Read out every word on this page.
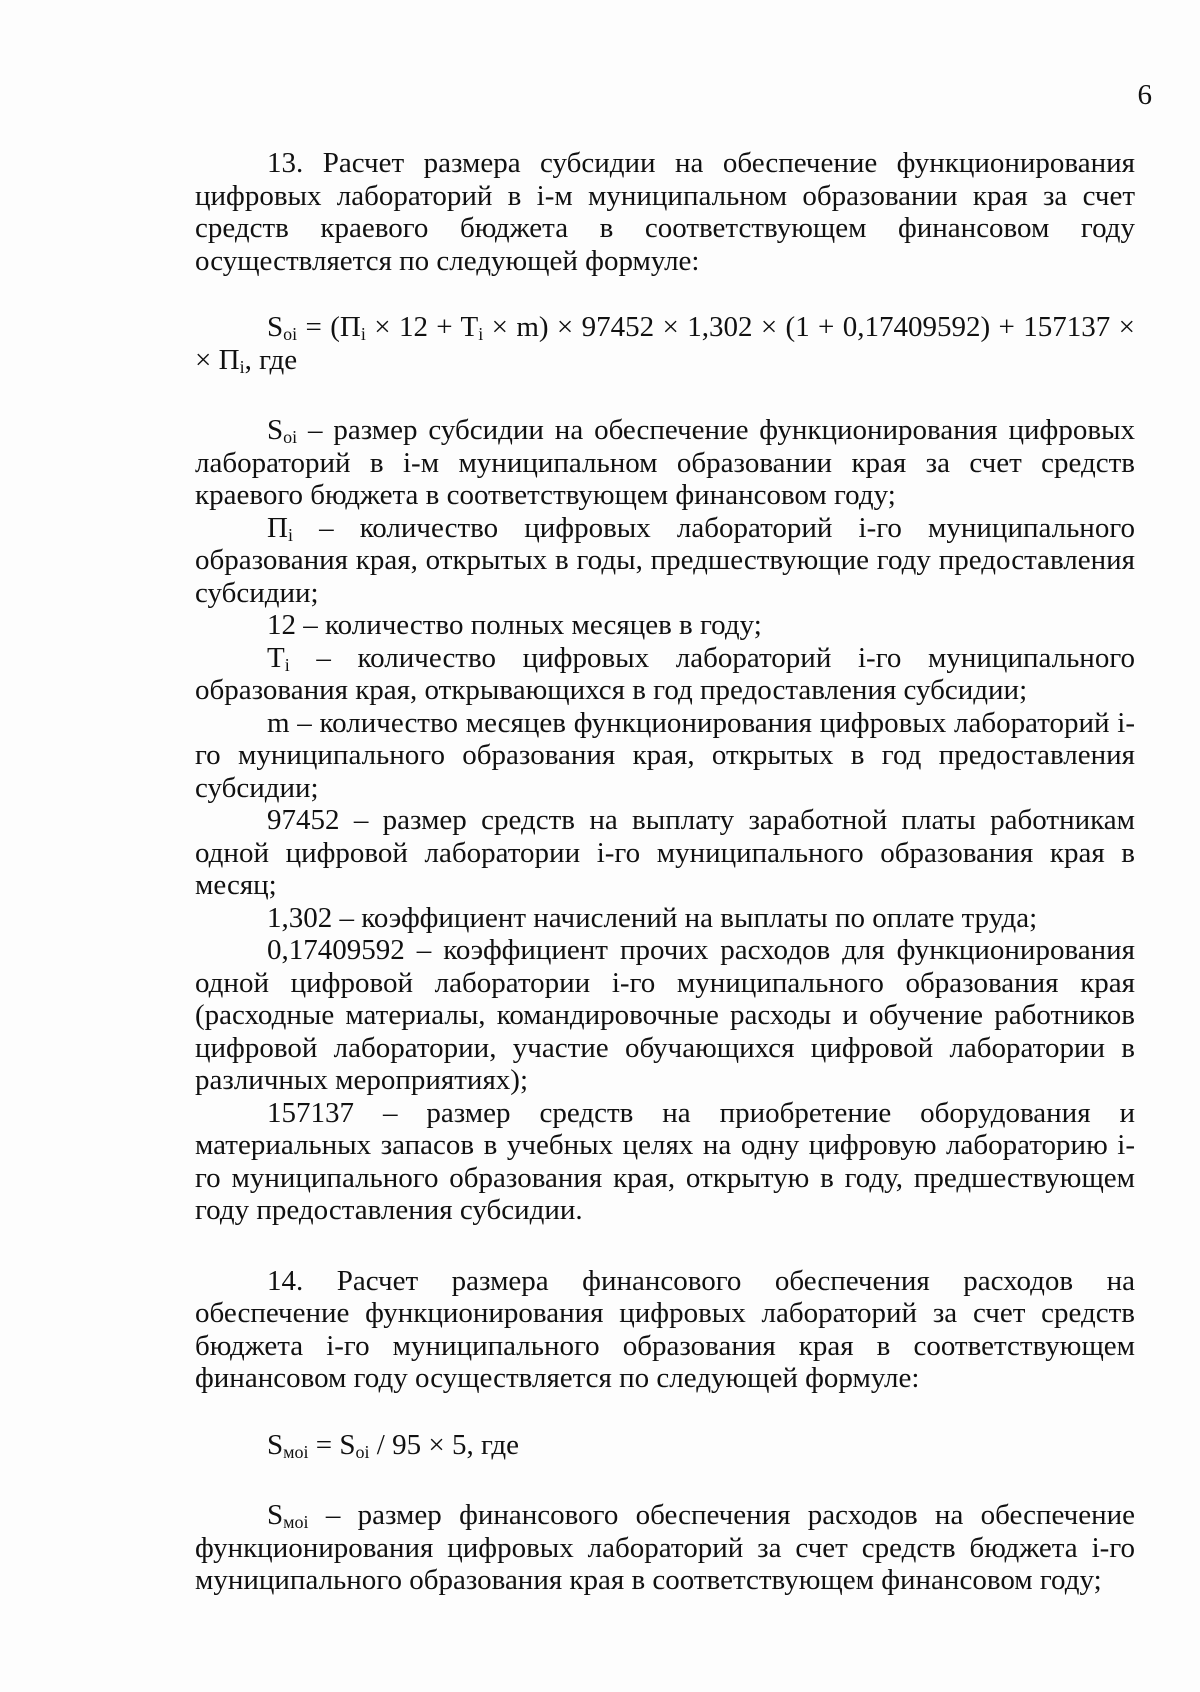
6

13. Расчет размера субсидии на обеспечение функционирования цифровых лабораторий в i-м муниципальном образовании края за счет средств краевого бюджета в соответствующем финансовом году осуществляется по следующей формуле:

$S_{oi} = (П_i \times 12 + T_i \times m) \times 97452 \times 1,302 \times (1 + 0,17409592) + 157137$ × × $П_i$, где

$S_{oi}$ – размер субсидии на обеспечение функционирования цифровых лабораторий в i-м муниципальном образовании края за счет средств краевого бюджета в соответствующем финансовом году;

$П_i$ – количество цифровых лабораторий i-го муниципального образования края, открытых в годы, предшествующие году предоставления субсидии;

12 – количество полных месяцев в году;

$T_i$ – количество цифровых лабораторий i-го муниципального образования края, открывающихся в год предоставления субсидии;

m – количество месяцев функционирования цифровых лабораторий i-го муниципального образования края, открытых в год предоставления субсидии;

97452 – размер средств на выплату заработной платы работникам одной цифровой лаборатории i-го муниципального образования края в месяц;

1,302 – коэффициент начислений на выплаты по оплате труда;

0,17409592 – коэффициент прочих расходов для функционирования одной цифровой лаборатории i-го муниципального образования края (расходные материалы, командировочные расходы и обучение работников цифровой лаборатории, участие обучающихся цифровой лаборатории в различных мероприятиях);

157137 – размер средств на приобретение оборудования и материальных запасов в учебных целях на одну цифровую лабораторию i-го муниципального образования края, открытую в году, предшествующем году предоставления субсидии.

14. Расчет размера финансового обеспечения расходов на обеспечение функционирования цифровых лабораторий за счет средств бюджета i-го муниципального образования края в соответствующем финансовом году осуществляется по следующей формуле:

$S_{мoi} = S_{oi} / 95 \times 5$, где

$S_{мoi}$ – размер финансового обеспечения расходов на обеспечение функционирования цифровых лабораторий за счет средств бюджета i-го муниципального образования края в соответствующем финансовом году;
